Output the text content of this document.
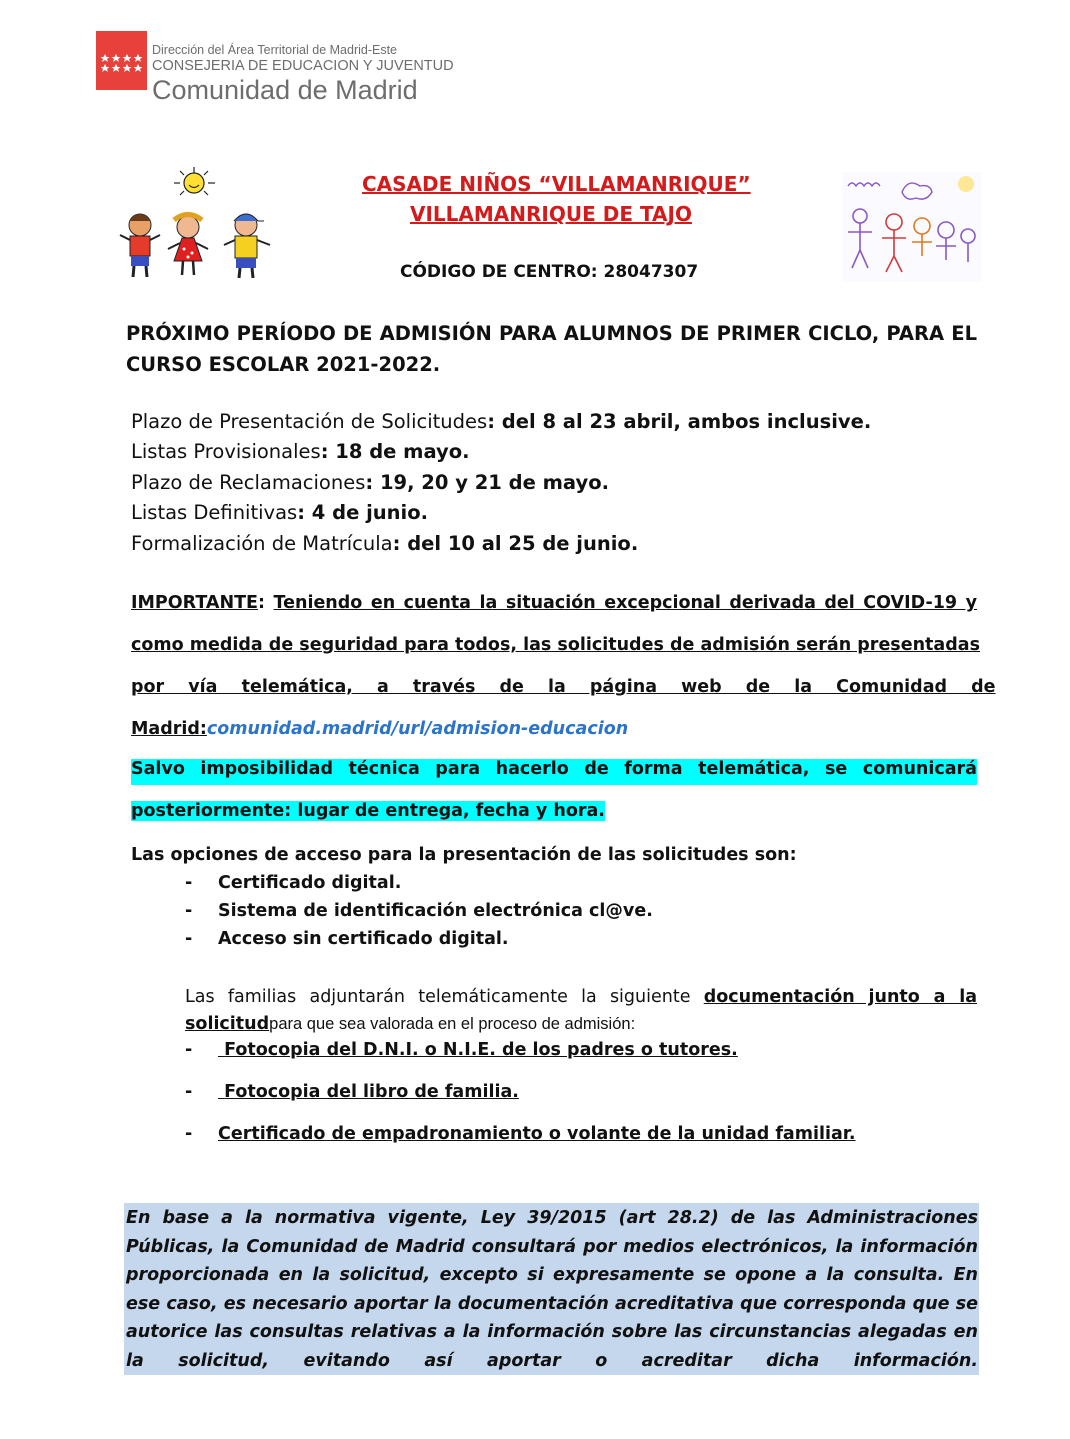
Dirección del Área Territorial de Madrid-Este
CONSEJERIA DE EDUCACION Y JUVENTUD
Comunidad de Madrid
CASADE NIÑOS “VILLAMANRIQUE”
VILLAMANRIQUE DE TAJO
CÓDIGO DE CENTRO: 28047307
PRÓXIMO PERÍODO DE ADMISIÓN PARA ALUMNOS DE PRIMER CICLO, PARA EL CURSO ESCOLAR 2021-2022.
Plazo de Presentación de Solicitudes: del 8 al 23 abril, ambos inclusive.
Listas Provisionales: 18 de mayo.
Plazo de Reclamaciones: 19, 20 y 21 de mayo.
Listas Definitivas: 4 de junio.
Formalización de Matrícula: del 10 al 25 de junio.
IMPORTANTE: Teniendo en cuenta la situación excepcional derivada del COVID-19 y
como medida de seguridad para todos, las solicitudes de admisión serán presentadas
por vía telemática, a través de la página web de la Comunidad de
Madrid:comunidad.madrid/url/admision-educacion
Salvo imposibilidad técnica para hacerlo de forma telemática, se comunicará
posteriormente: lugar de entrega, fecha y hora.
Las opciones de acceso para la presentación de las solicitudes son:
- Certificado digital.
- Sistema de identificación electrónica cl@ve.
- Acceso sin certificado digital.
Las familias adjuntarán telemáticamente la siguiente documentación junto a la
solicitudpara que sea valorada en el proceso de admisión:
-	Fotocopia del D.N.I. o N.I.E. de los padres o tutores.
-	Fotocopia del libro de familia.
- Certificado de empadronamiento o volante de la unidad familiar.
En base a la normativa vigente, Ley 39/2015 (art 28.2) de las Administraciones Públicas, la Comunidad de Madrid consultará por medios electrónicos, la información proporcionada en la solicitud, excepto si expresamente se opone a la consulta. En ese caso, es necesario aportar la documentación acreditativa que corresponda que se autorice las consultas relativas a la información sobre las circunstancias alegadas en la solicitud, evitando así aportar o acreditar dicha información.
